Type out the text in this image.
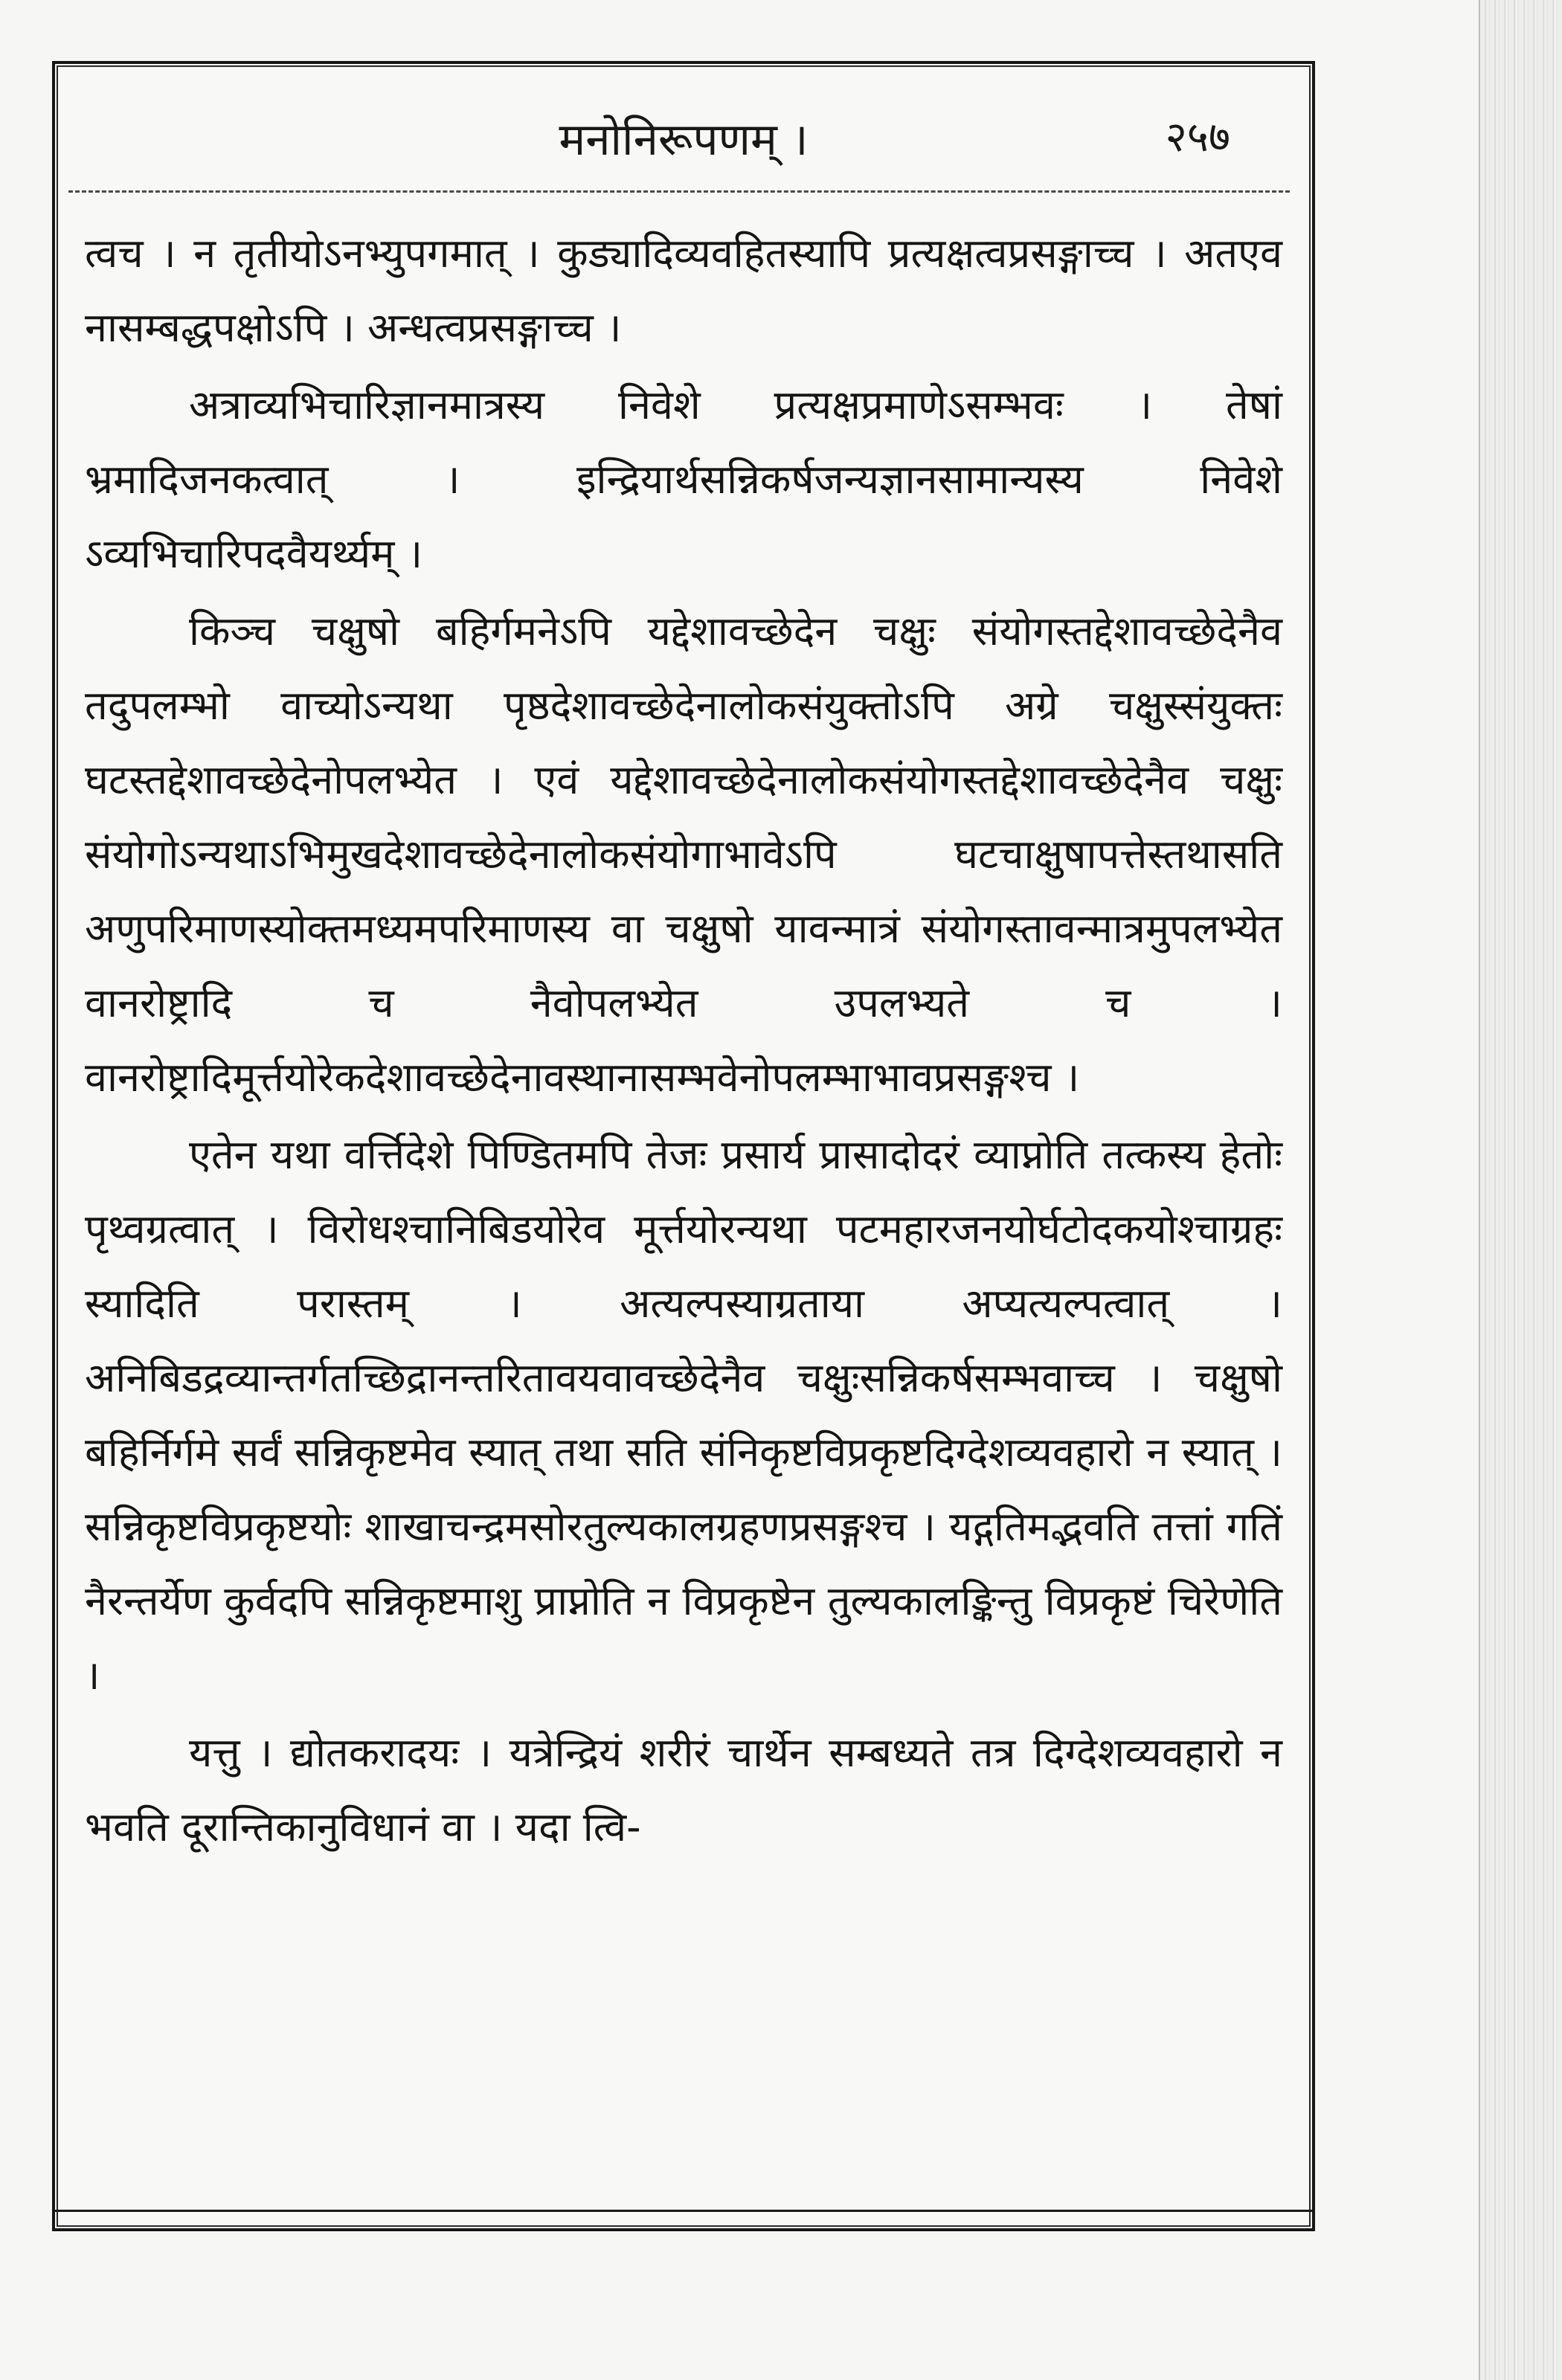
मनोनिरूपणम् ।	२५७

त्वच । न तृतीयोऽनभ्युपगमात् । कुड्यादिव्यवहितस्यापि प्रत्यक्षत्वप्रसङ्गाच्च । अतएव नासम्बद्धपक्षोऽपि । अन्धत्वप्रसङ्गाच्च ।

अत्राव्यभिचारिज्ञानमात्रस्य निवेशे प्रत्यक्षप्रमाणेऽसम्भवः । तेषां भ्रमादिजनकत्वात् । इन्द्रियार्थसन्निकर्षजन्यज्ञानसामान्यस्य निवेशे ऽव्यभिचारिपदवैयर्थ्यम् ।

किञ्च चक्षुषो बहिर्गमनेऽपि यद्देशावच्छेदेन चक्षुः संयोगस्तद्देशावच्छेदेनैव तदुपलम्भो वाच्योऽन्यथा पृष्ठदेशावच्छेदेनालोकसंयुक्तोऽपि अग्रे चक्षुस्संयुक्तः घटस्तद्देशावच्छेदेनोपलभ्येत । एवं यद्देशावच्छेदेनालोकसंयोगस्तद्देशावच्छेदेनैव चक्षुः संयोगोऽन्यथाऽभिमुखदेशावच्छेदेनालोकसंयोगाभावेऽपि घटचाक्षुषापत्तेस्तथासति अणुपरिमाणस्योक्तमध्यमपरिमाणस्य वा चक्षुषो यावन्मात्रं संयोगस्तावन्मात्रमुपलभ्येत वानरोष्ट्रादि च नैवोपलभ्येत उपलभ्यते च । वानरोष्ट्रादिमूर्त्तयोरेकदेशावच्छेदेनावस्थानासम्भवेनोपलम्भाभावप्रसङ्गश्च ।

एतेन यथा वर्त्तिदेशे पिण्डितमपि तेजः प्रसार्य प्रासादोदरं व्याप्नोति तत्कस्य हेतोः पृथ्वग्रत्वात् । विरोधश्चानिबिडयोरेव मूर्त्तयोरन्यथा पटमहारजनयोर्घटोदकयोश्चाग्रहः स्यादिति परास्तम् । अत्यल्पस्याग्रताया अप्यत्यल्पत्वात् । अनिबिडद्रव्यान्तर्गतच्छिद्रानन्तरितावयवावच्छेदेनैव चक्षुःसन्निकर्षसम्भवाच्च । चक्षुषो बहिर्निर्गमे सर्वं सन्निकृष्टमेव स्यात् तथा सति संनिकृष्टविप्रकृष्टदिग्देशव्यवहारो न स्यात् । सन्निकृष्टविप्रकृष्टयोः शाखाचन्द्रमसोरतुल्यकालग्रहणप्रसङ्गश्च । यद्गतिमद्भवति तत्तां गतिं नैरन्तर्येण कुर्वदपि सन्निकृष्टमाशु प्राप्नोति न विप्रकृष्टेन तुल्यकालङ्किन्तु विप्रकृष्टं चिरेणेति ।

यत्तु । द्योतकरादयः । यत्रेन्द्रियं शरीरं चार्थेन सम्बध्यते तत्र दिग्देशव्यवहारो न भवति दूरान्तिकानुविधानं वा । यदा त्वि-
